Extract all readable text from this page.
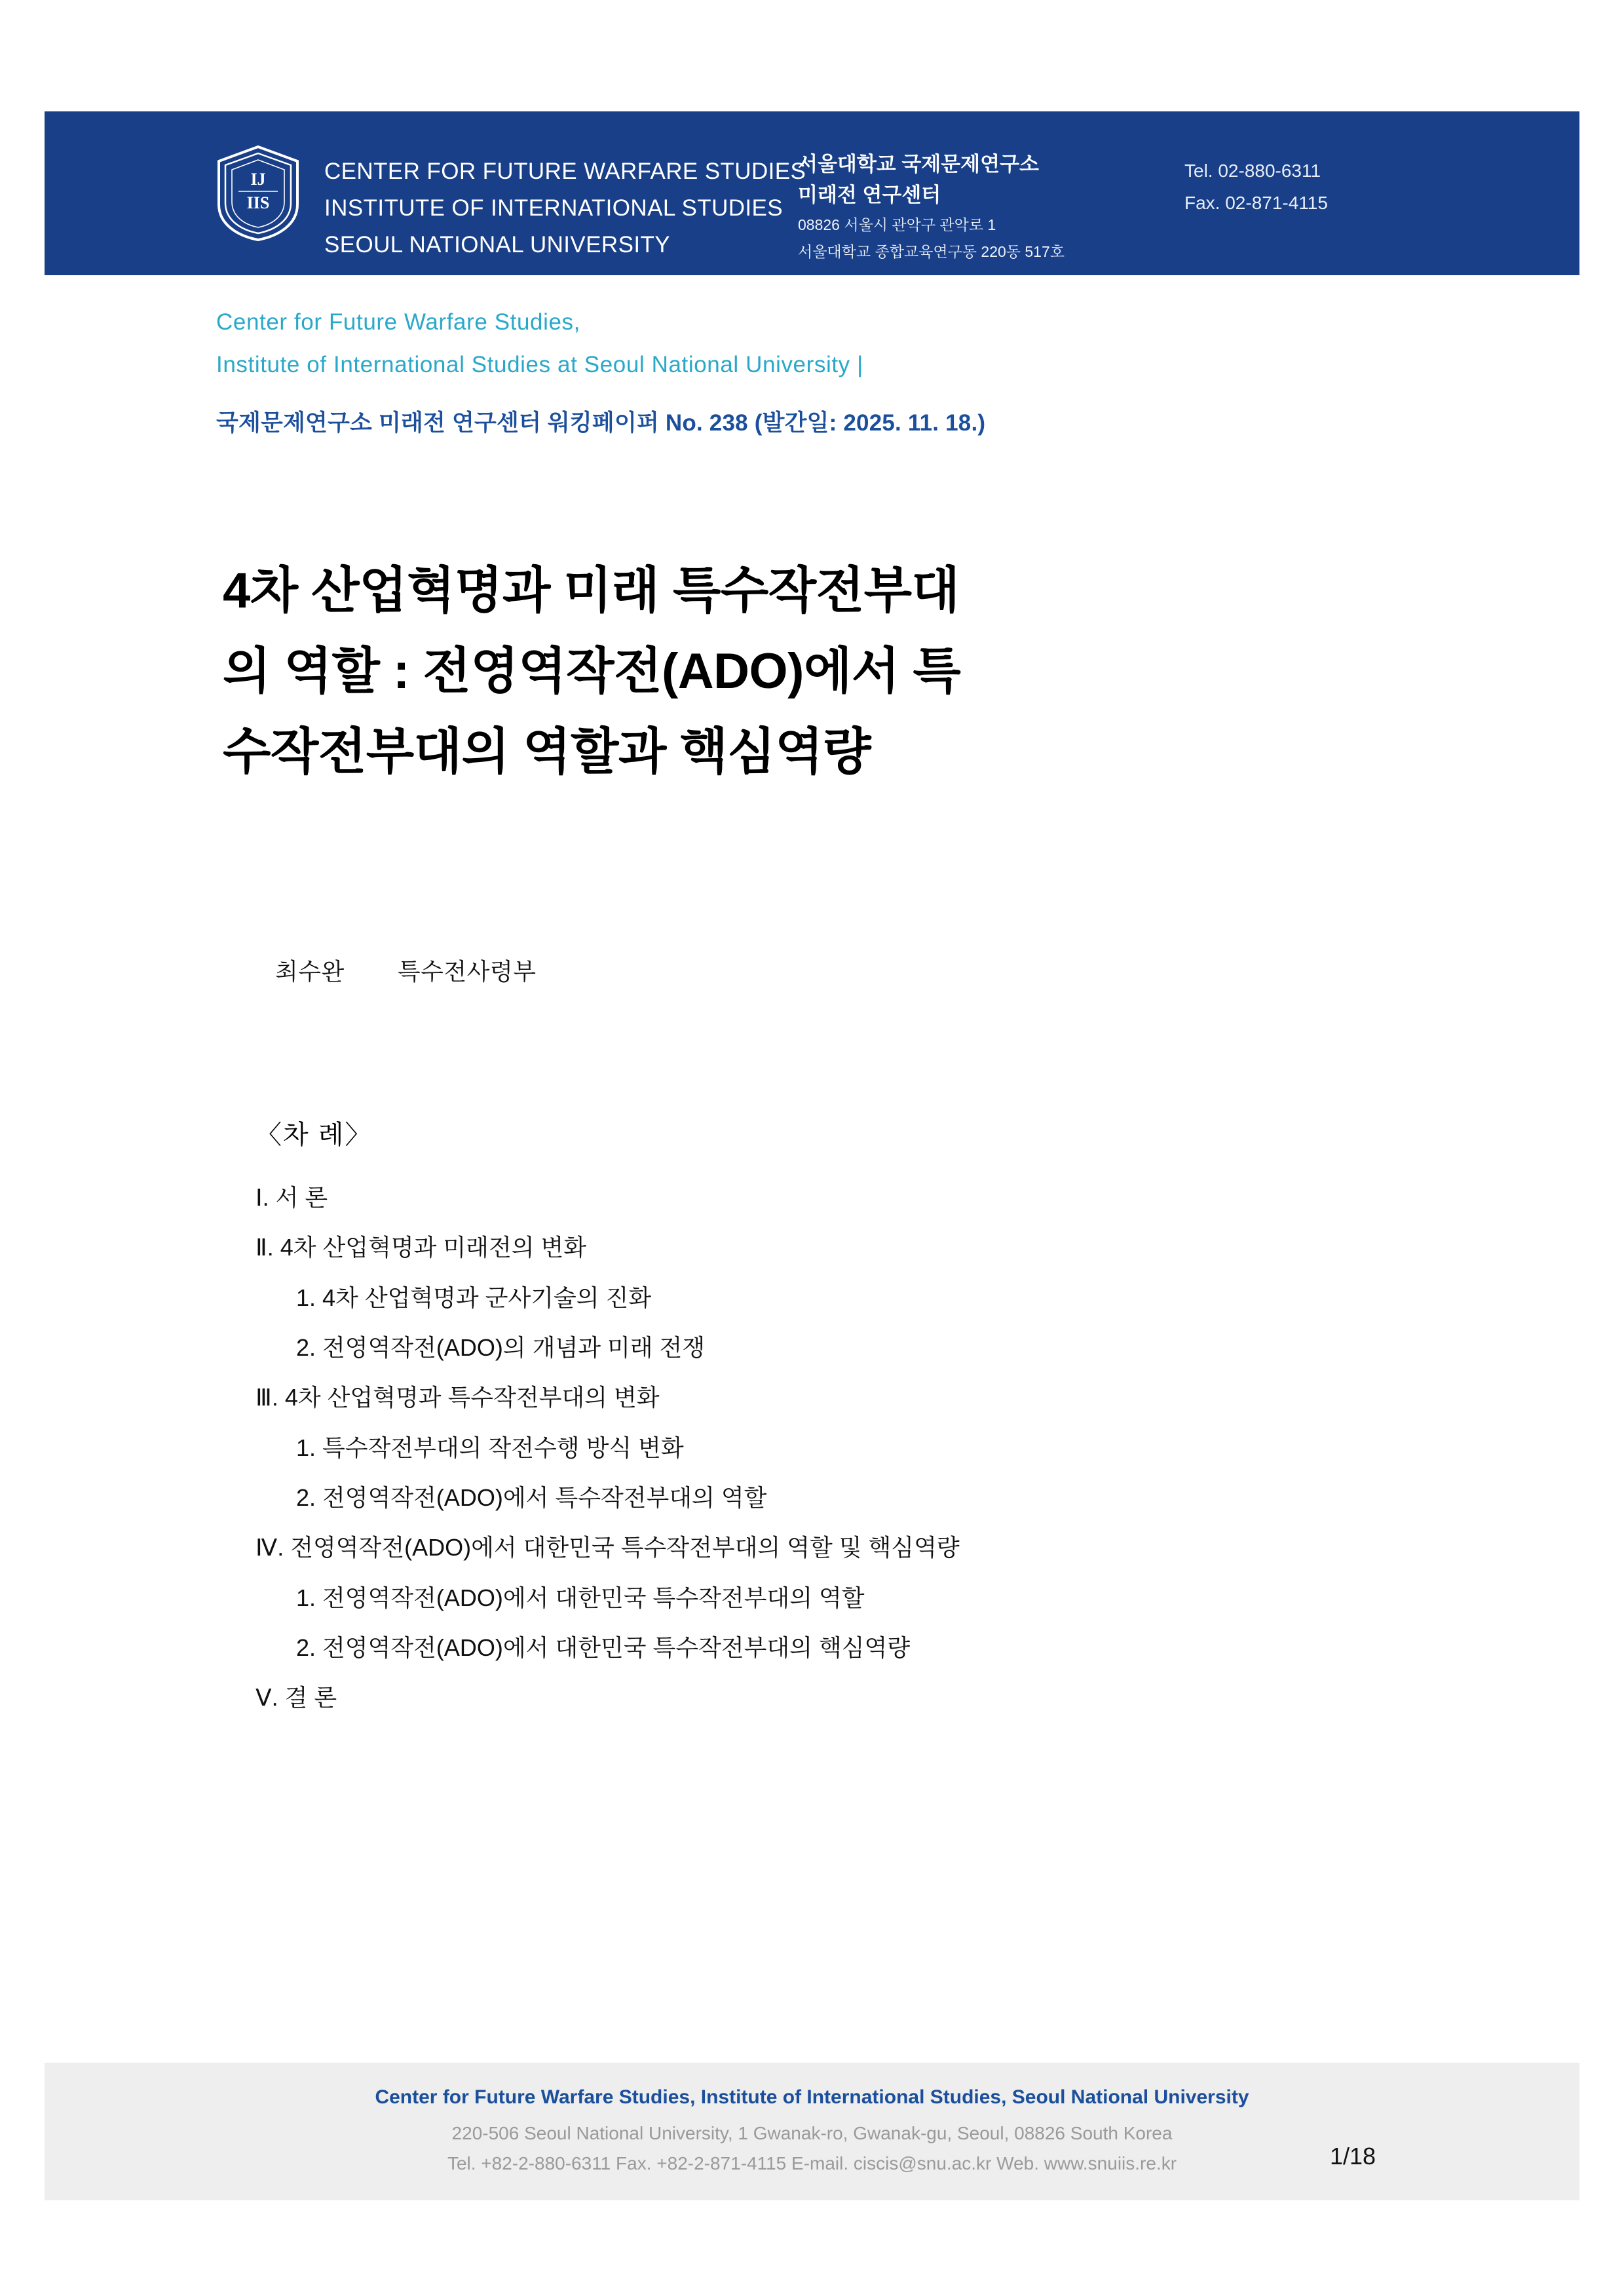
IJ
IIS
CENTER FOR FUTURE WARFARE STUDIES
INSTITUTE OF INTERNATIONAL STUDIES
SEOUL NATIONAL UNIVERSITY
서울대학교 국제문제연구소
미래전 연구센터
08826 서울시 관악구 관악로 1
서울대학교 종합교육연구동 220동 517호
Tel. 02-880-6311
Fax. 02-871-4115
Center for Future Warfare Studies,
Institute of International Studies at Seoul National University |
국제문제연구소 미래전 연구센터 워킹페이퍼 No. 238 (발간일: 2025. 11. 18.)
4차 산업혁명과 미래 특수작전부대
의 역할 : 전영역작전(ADO)에서 특
수작전부대의 역할과 핵심역량
최수완 특수전사령부
〈차 례〉
Ⅰ. 서 론
Ⅱ. 4차 산업혁명과 미래전의 변화
1. 4차 산업혁명과 군사기술의 진화
2. 전영역작전(ADO)의 개념과 미래 전쟁
Ⅲ. 4차 산업혁명과 특수작전부대의 변화
1. 특수작전부대의 작전수행 방식 변화
2. 전영역작전(ADO)에서 특수작전부대의 역할
Ⅳ. 전영역작전(ADO)에서 대한민국 특수작전부대의 역할 및 핵심역량
1. 전영역작전(ADO)에서 대한민국 특수작전부대의 역할
2. 전영역작전(ADO)에서 대한민국 특수작전부대의 핵심역량
Ⅴ. 결 론
Center for Future Warfare Studies, Institute of International Studies, Seoul National University
220-506 Seoul National University, 1 Gwanak-ro, Gwanak-gu, Seoul, 08826 South Korea
Tel. +82-2-880-6311 Fax. +82-2-871-4115 E-mail. ciscis@snu.ac.kr Web. www.snuiis.re.kr	1/18
